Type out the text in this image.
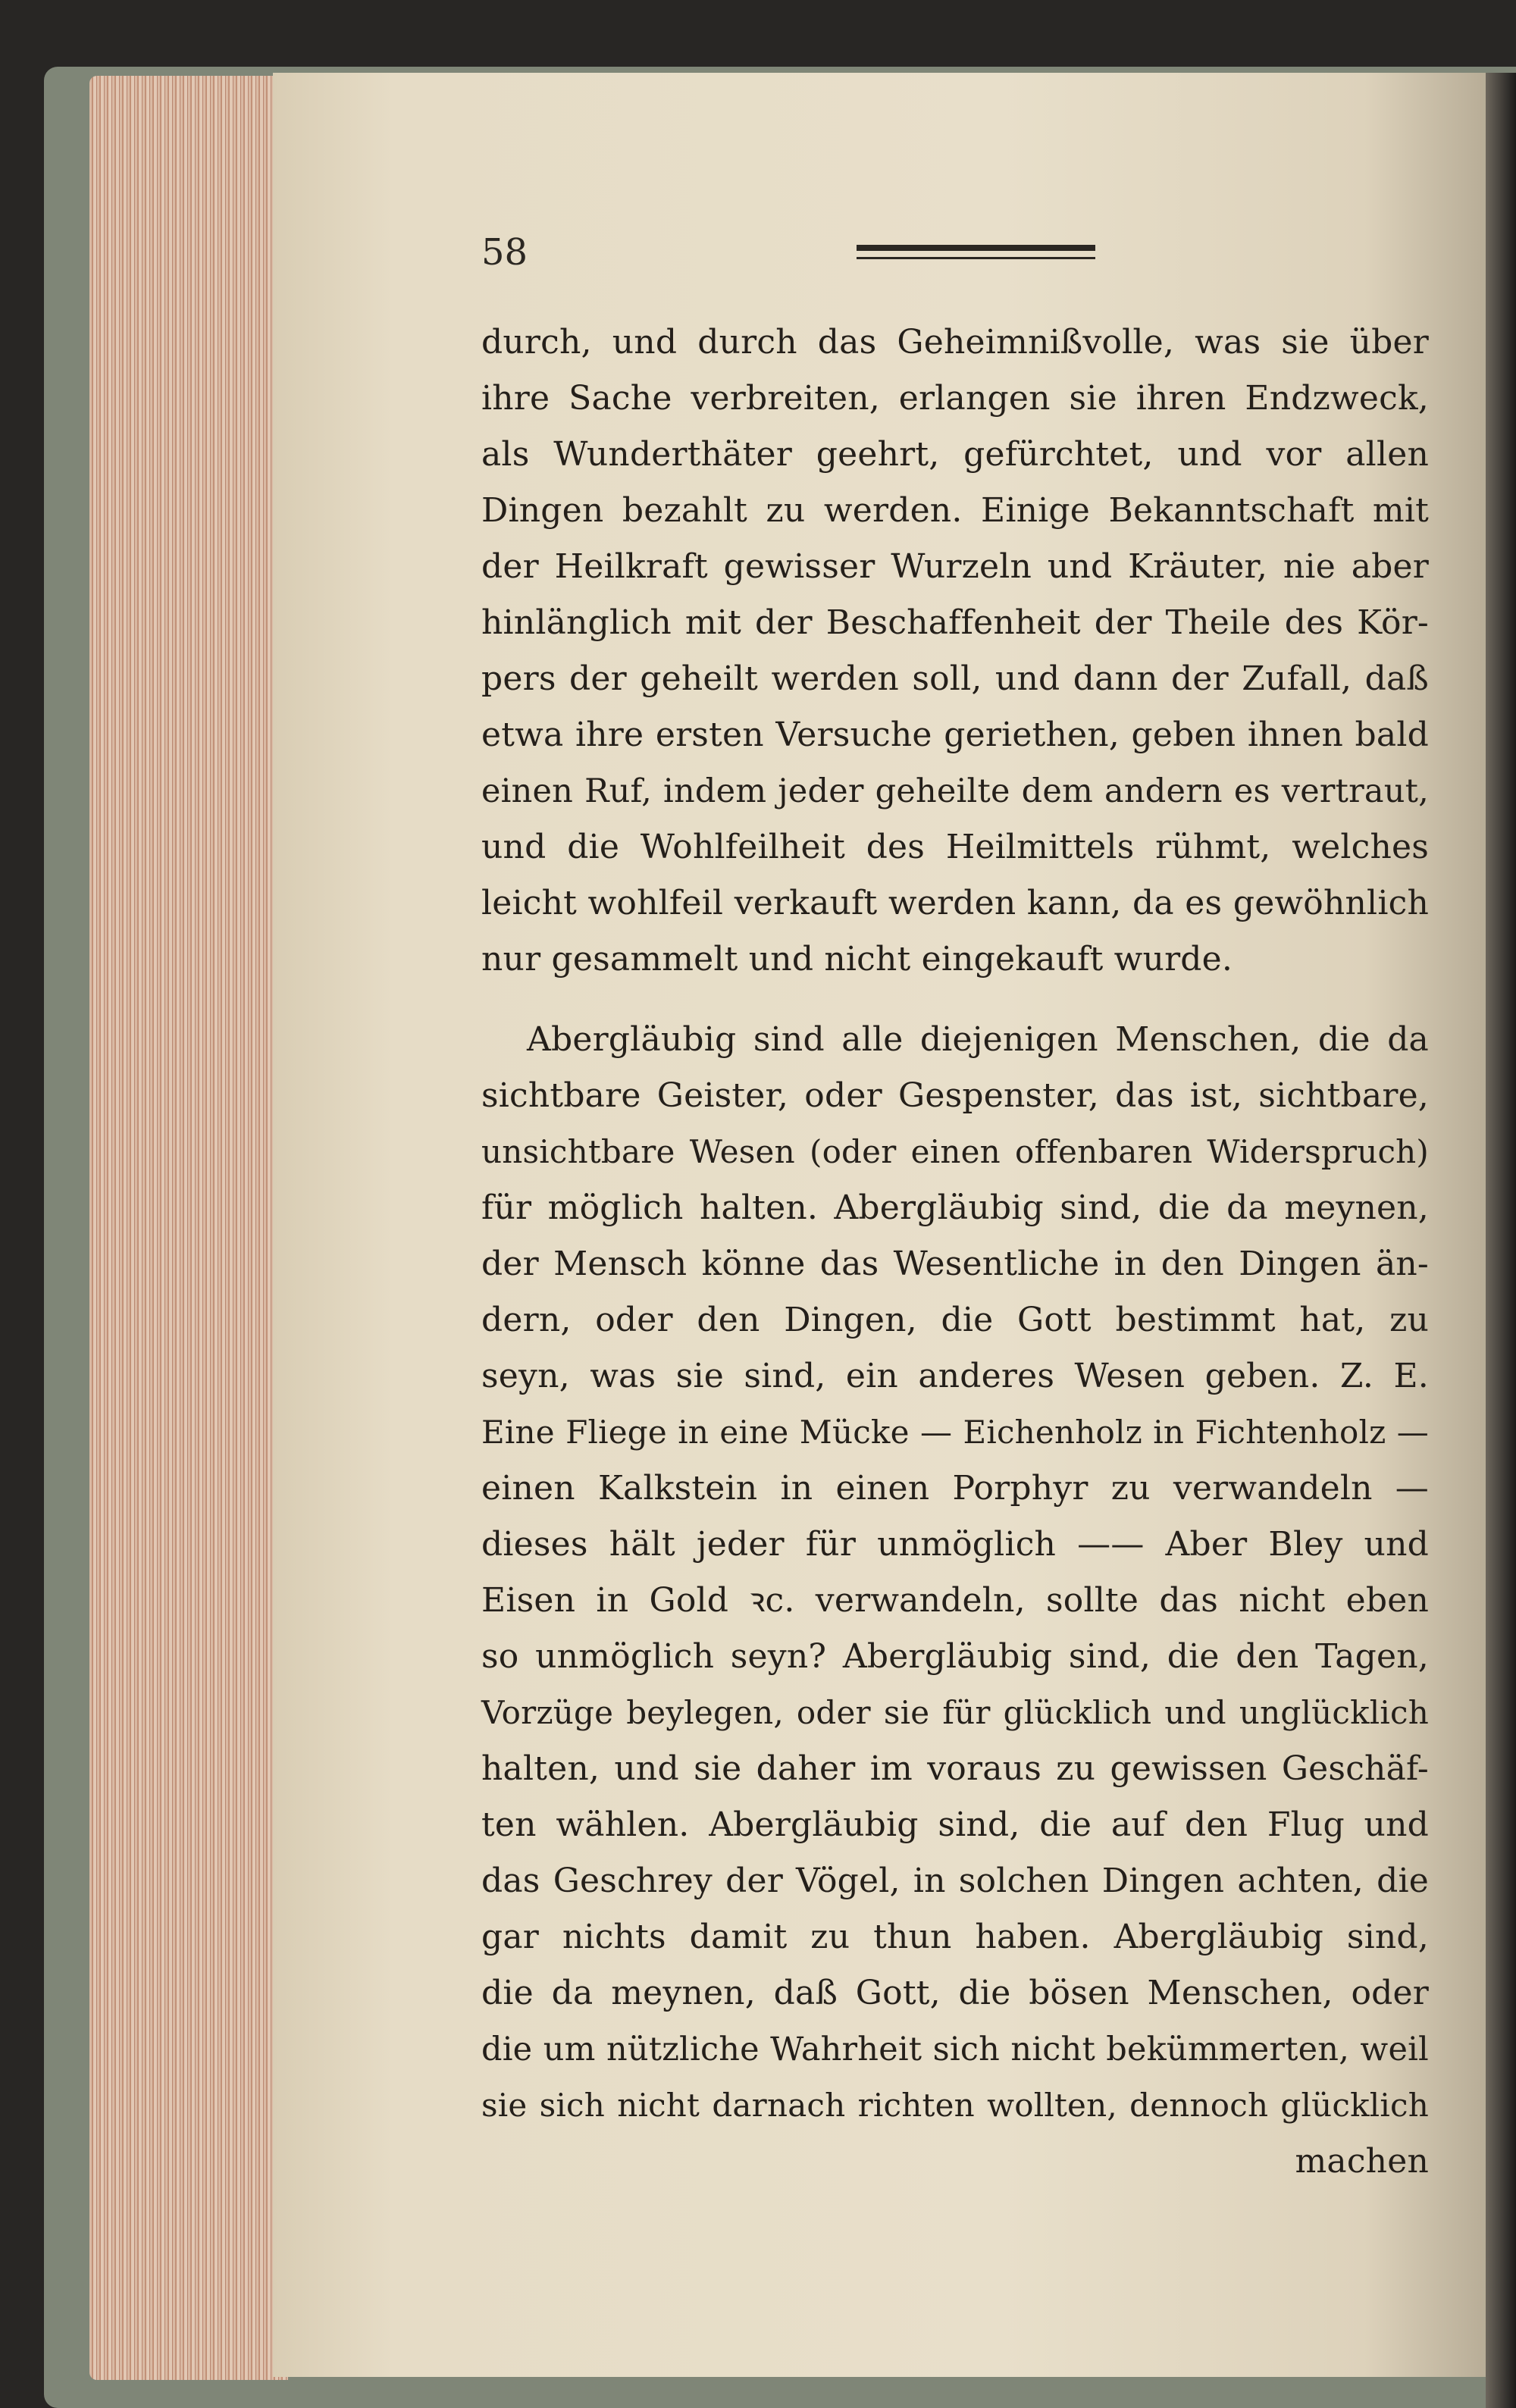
58
durch, und durch das Geheimnißvolle, was sie über
ihre Sache verbreiten, erlangen sie ihren Endzweck,
als Wunderthäter geehrt, gefürchtet, und vor allen
Dingen bezahlt zu werden. Einige Bekanntschaft mit
der Heilkraft gewisser Wurzeln und Kräuter, nie aber
hinlänglich mit der Beschaffenheit der Theile des Kör-
pers der geheilt werden soll, und dann der Zufall, daß
etwa ihre ersten Versuche geriethen, geben ihnen bald
einen Ruf, indem jeder geheilte dem andern es vertraut,
und die Wohlfeilheit des Heilmittels rühmt, welches
leicht wohlfeil verkauft werden kann, da es gewöhnlich
nur gesammelt und nicht eingekauft wurde.
Abergläubig sind alle diejenigen Menschen, die da
sichtbare Geister, oder Gespenster, das ist, sichtbare,
unsichtbare Wesen (oder einen offenbaren Widerspruch)
für möglich halten. Abergläubig sind, die da meynen,
der Mensch könne das Wesentliche in den Dingen än-
dern, oder den Dingen, die Gott bestimmt hat, zu
seyn, was sie sind, ein anderes Wesen geben. Z. E.
Eine Fliege in eine Mücke — Eichenholz in Fichtenholz —
einen Kalkstein in einen Porphyr zu verwandeln —
dieses hält jeder für unmöglich —— Aber Bley und
Eisen in Gold ꝛc. verwandeln, sollte das nicht eben
so unmöglich seyn? Abergläubig sind, die den Tagen,
Vorzüge beylegen, oder sie für glücklich und unglücklich
halten, und sie daher im voraus zu gewissen Geschäf-
ten wählen. Abergläubig sind, die auf den Flug und
das Geschrey der Vögel, in solchen Dingen achten, die
gar nichts damit zu thun haben. Abergläubig sind,
die da meynen, daß Gott, die bösen Menschen, oder
die um nützliche Wahrheit sich nicht bekümmerten, weil
sie sich nicht darnach richten wollten, dennoch glücklich
machen
